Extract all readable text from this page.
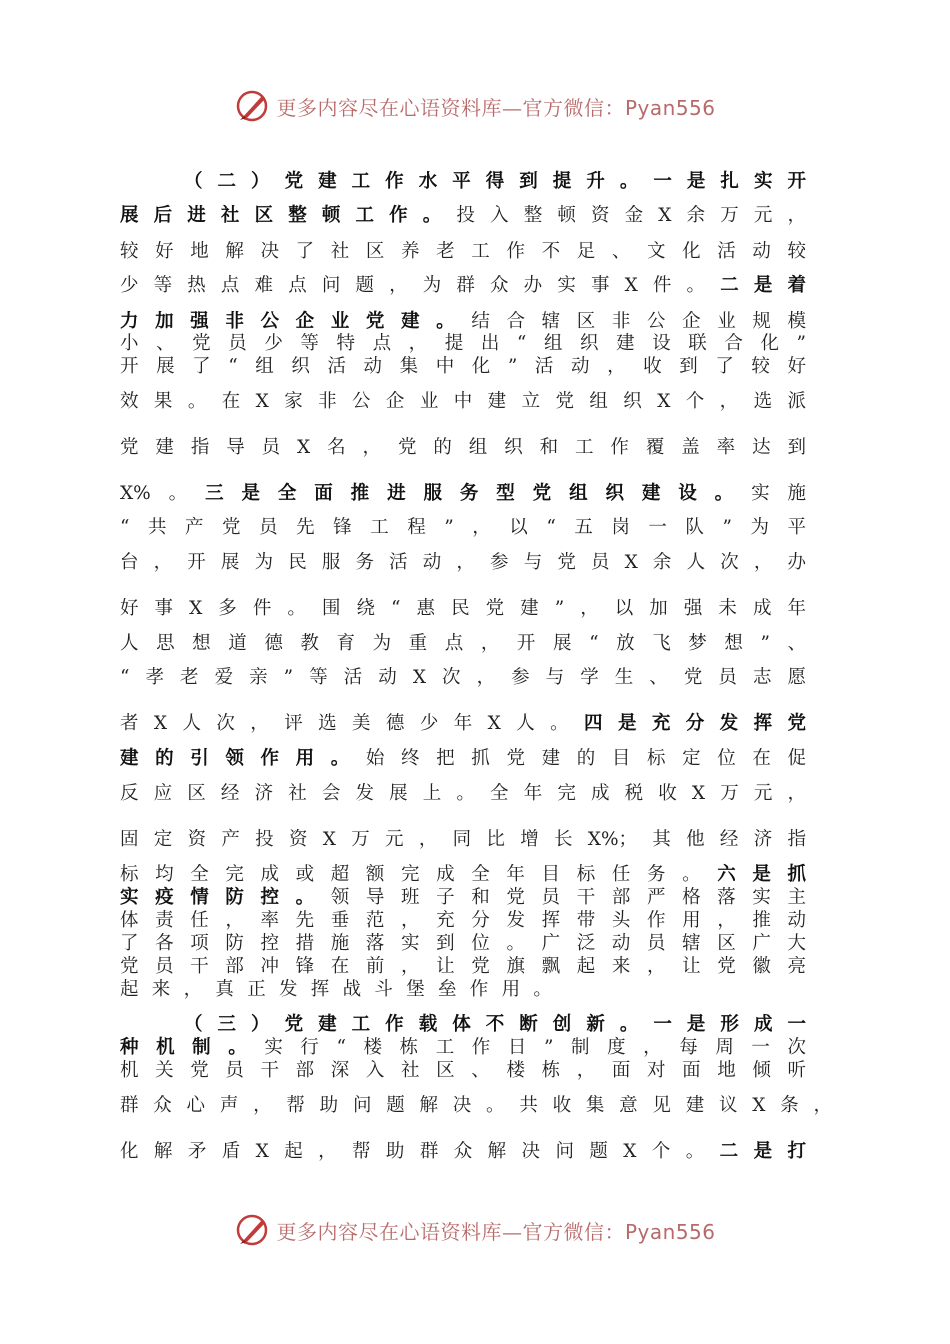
更多内容尽在心语资料库—官方微信：Pyan556
（二）党建工作水平得到提升。一是扎实开
展后进社区整顿工作。投入整顿资金X余万元，
较好地解决了社区养老工作不足、文化活动较
少等热点难点问题，为群众办实事X件。二是着
力加强非公企业党建。结合辖区非公企业规模
小、党员少等特点，提出“组织建设联合化”
开展了“组织活动集中化”活动，收到了较好
效果。在X家非公企业中建立党组织X个，选派
党建指导员X名，党的组织和工作覆盖率达到
X%。三是全面推进服务型党组织建设。实施
“共产党员先锋工程”，以“五岗一队”为平
台，开展为民服务活动，参与党员X余人次，办
好事X多件。围绕“惠民党建”，以加强未成年
人思想道德教育为重点，开展“放飞梦想”、
“孝老爱亲”等活动X次，参与学生、党员志愿
者X人次，评选美德少年X人。四是充分发挥党
建的引领作用。始终把抓党建的目标定位在促
反应区经济社会发展上。全年完成税收X万元，
固定资产投资X万元，同比增长X%；其他经济指
标均全完成或超额完成全年目标任务。六是抓
实疫情防控。领导班子和党员干部严格落实主
体责任，率先垂范，充分发挥带头作用，推动
了各项防控措施落实到位。广泛动员辖区广大
党员干部冲锋在前，让党旗飘起来，让党徽亮
起来，真正发挥战斗堡垒作用。
（三）党建工作载体不断创新。一是形成一
种机制。实行“楼栋工作日”制度，每周一次
机关党员干部深入社区、楼栋，面对面地倾听
群众心声，帮助问题解决。共收集意见建议X条，
化解矛盾X起，帮助群众解决问题X个。二是打
更多内容尽在心语资料库—官方微信：Pyan556
